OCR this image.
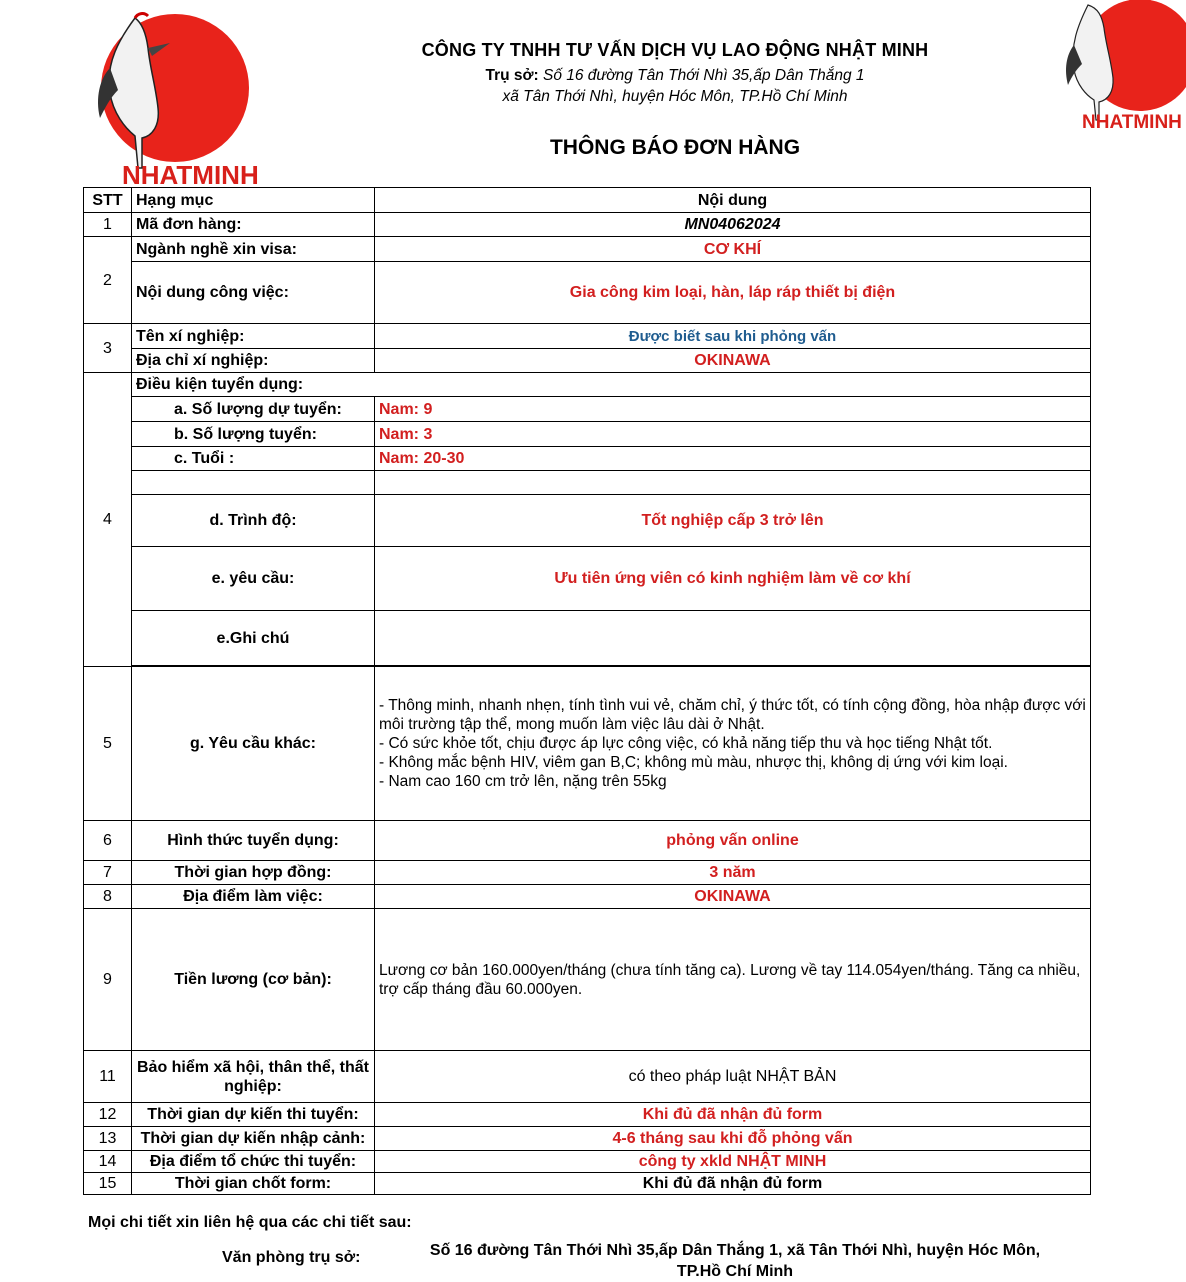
NHATMINH
NHATMINH
CÔNG TY TNHH TƯ VẤN DỊCH VỤ LAO ĐỘNG NHẬT MINH
Trụ sở: Số 16 đường Tân Thới Nhì 35,ấp Dân Thắng 1
xã Tân Thới Nhì, huyện Hóc Môn, TP.Hồ Chí Minh
THÔNG BÁO ĐƠN HÀNG
STT	Hạng mục	Nội dung
1	Mã đơn hàng:	MN04062024
2	Ngành nghề xin visa:	CƠ KHÍ
	Nội dung công việc:	Gia công kim loại, hàn, láp ráp thiết bị điện
3	Tên xí nghiệp:	Được biết sau khi phỏng vấn
	Địa chỉ xí nghiệp:	OKINAWA
4	Điều kiện tuyển dụng:	
	a. Số lượng dự tuyển:	Nam: 9
	b. Số lượng tuyển:	Nam: 3
	c. Tuổi :	Nam: 20-30

	d. Trình độ:	Tốt nghiệp cấp 3 trở lên
	e. yêu cầu:	Ưu tiên ứng viên có kinh nghiệm làm về cơ khí
	e.Ghi chú	

5	g. Yêu cầu khác:	- Thông minh, nhanh nhẹn, tính tình vui vẻ, chăm chỉ, ý thức tốt, có tính cộng đồng, hòa nhập được với môi trường tập thể, mong muốn làm việc lâu dài ở Nhật.
- Có sức khỏe tốt, chịu được áp lực công việc, có khả năng tiếp thu và học tiếng Nhật tốt.
- Không mắc bệnh HIV, viêm gan B,C; không mù màu, nhược thị, không dị ứng với kim loại.
- Nam cao 160 cm trở lên, nặng trên 55kg

6	Hình thức tuyển dụng:	phỏng vấn online
7	Thời gian hợp đồng:	3 năm
8	Địa điểm làm việc:	OKINAWA
9	Tiền lương (cơ bản):	Lương cơ bản 160.000yen/tháng (chưa tính tăng ca). Lương về tay 114.054yen/tháng. Tăng ca nhiều, trợ cấp tháng đầu 60.000yen.
11	Bảo hiểm xã hội, thân thể, thất nghiệp:	có theo pháp luật NHẬT BẢN
12	Thời gian dự kiến thi tuyển:	Khi đủ đã nhận đủ form
13	Thời gian dự kiến nhập cảnh:	4-6 tháng sau khi đỗ phỏng vấn
14	Địa điểm tổ chức thi tuyển:	công ty xkld NHẬT MINH
15	Thời gian chốt form:	Khi đủ đã nhận đủ form
Mọi chi tiết xin liên hệ qua các chi tiết sau:
Văn phòng trụ sở:	Số 16 đường Tân Thới Nhì 35,ấp Dân Thắng 1, xã Tân Thới Nhì, huyện Hóc Môn,
TP.Hồ Chí Minh
